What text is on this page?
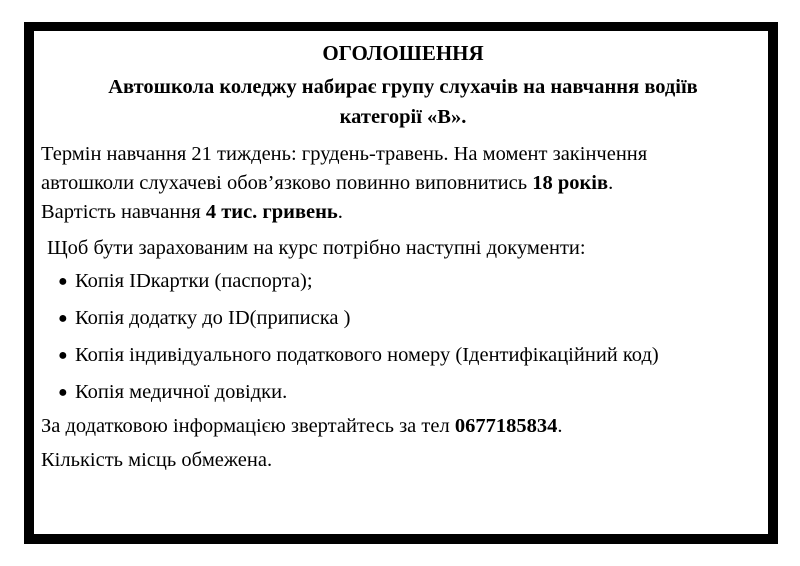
ОГОЛОШЕННЯ

Автошкола коледжу набирає групу слухачів на навчання водіїв
категорії «В».
Термін навчання 21 тиждень: грудень-травень. На момент закінчення
автошколи слухачеві обов’язково повинно виповнитись 18 років.
Вартість навчання 4 тис. гривень.
Щоб бути зарахованим на курс потрібно наступні документи:
● Копія IDкартки (паспорта);
● Копія додатку до ID(приписка )
● Копія індивідуального податкового номеру (Ідентифікаційний код)
● Копія медичної довідки.
За додатковою інформацією звертайтесь за тел 0677185834.
Кількість місць обмежена.
